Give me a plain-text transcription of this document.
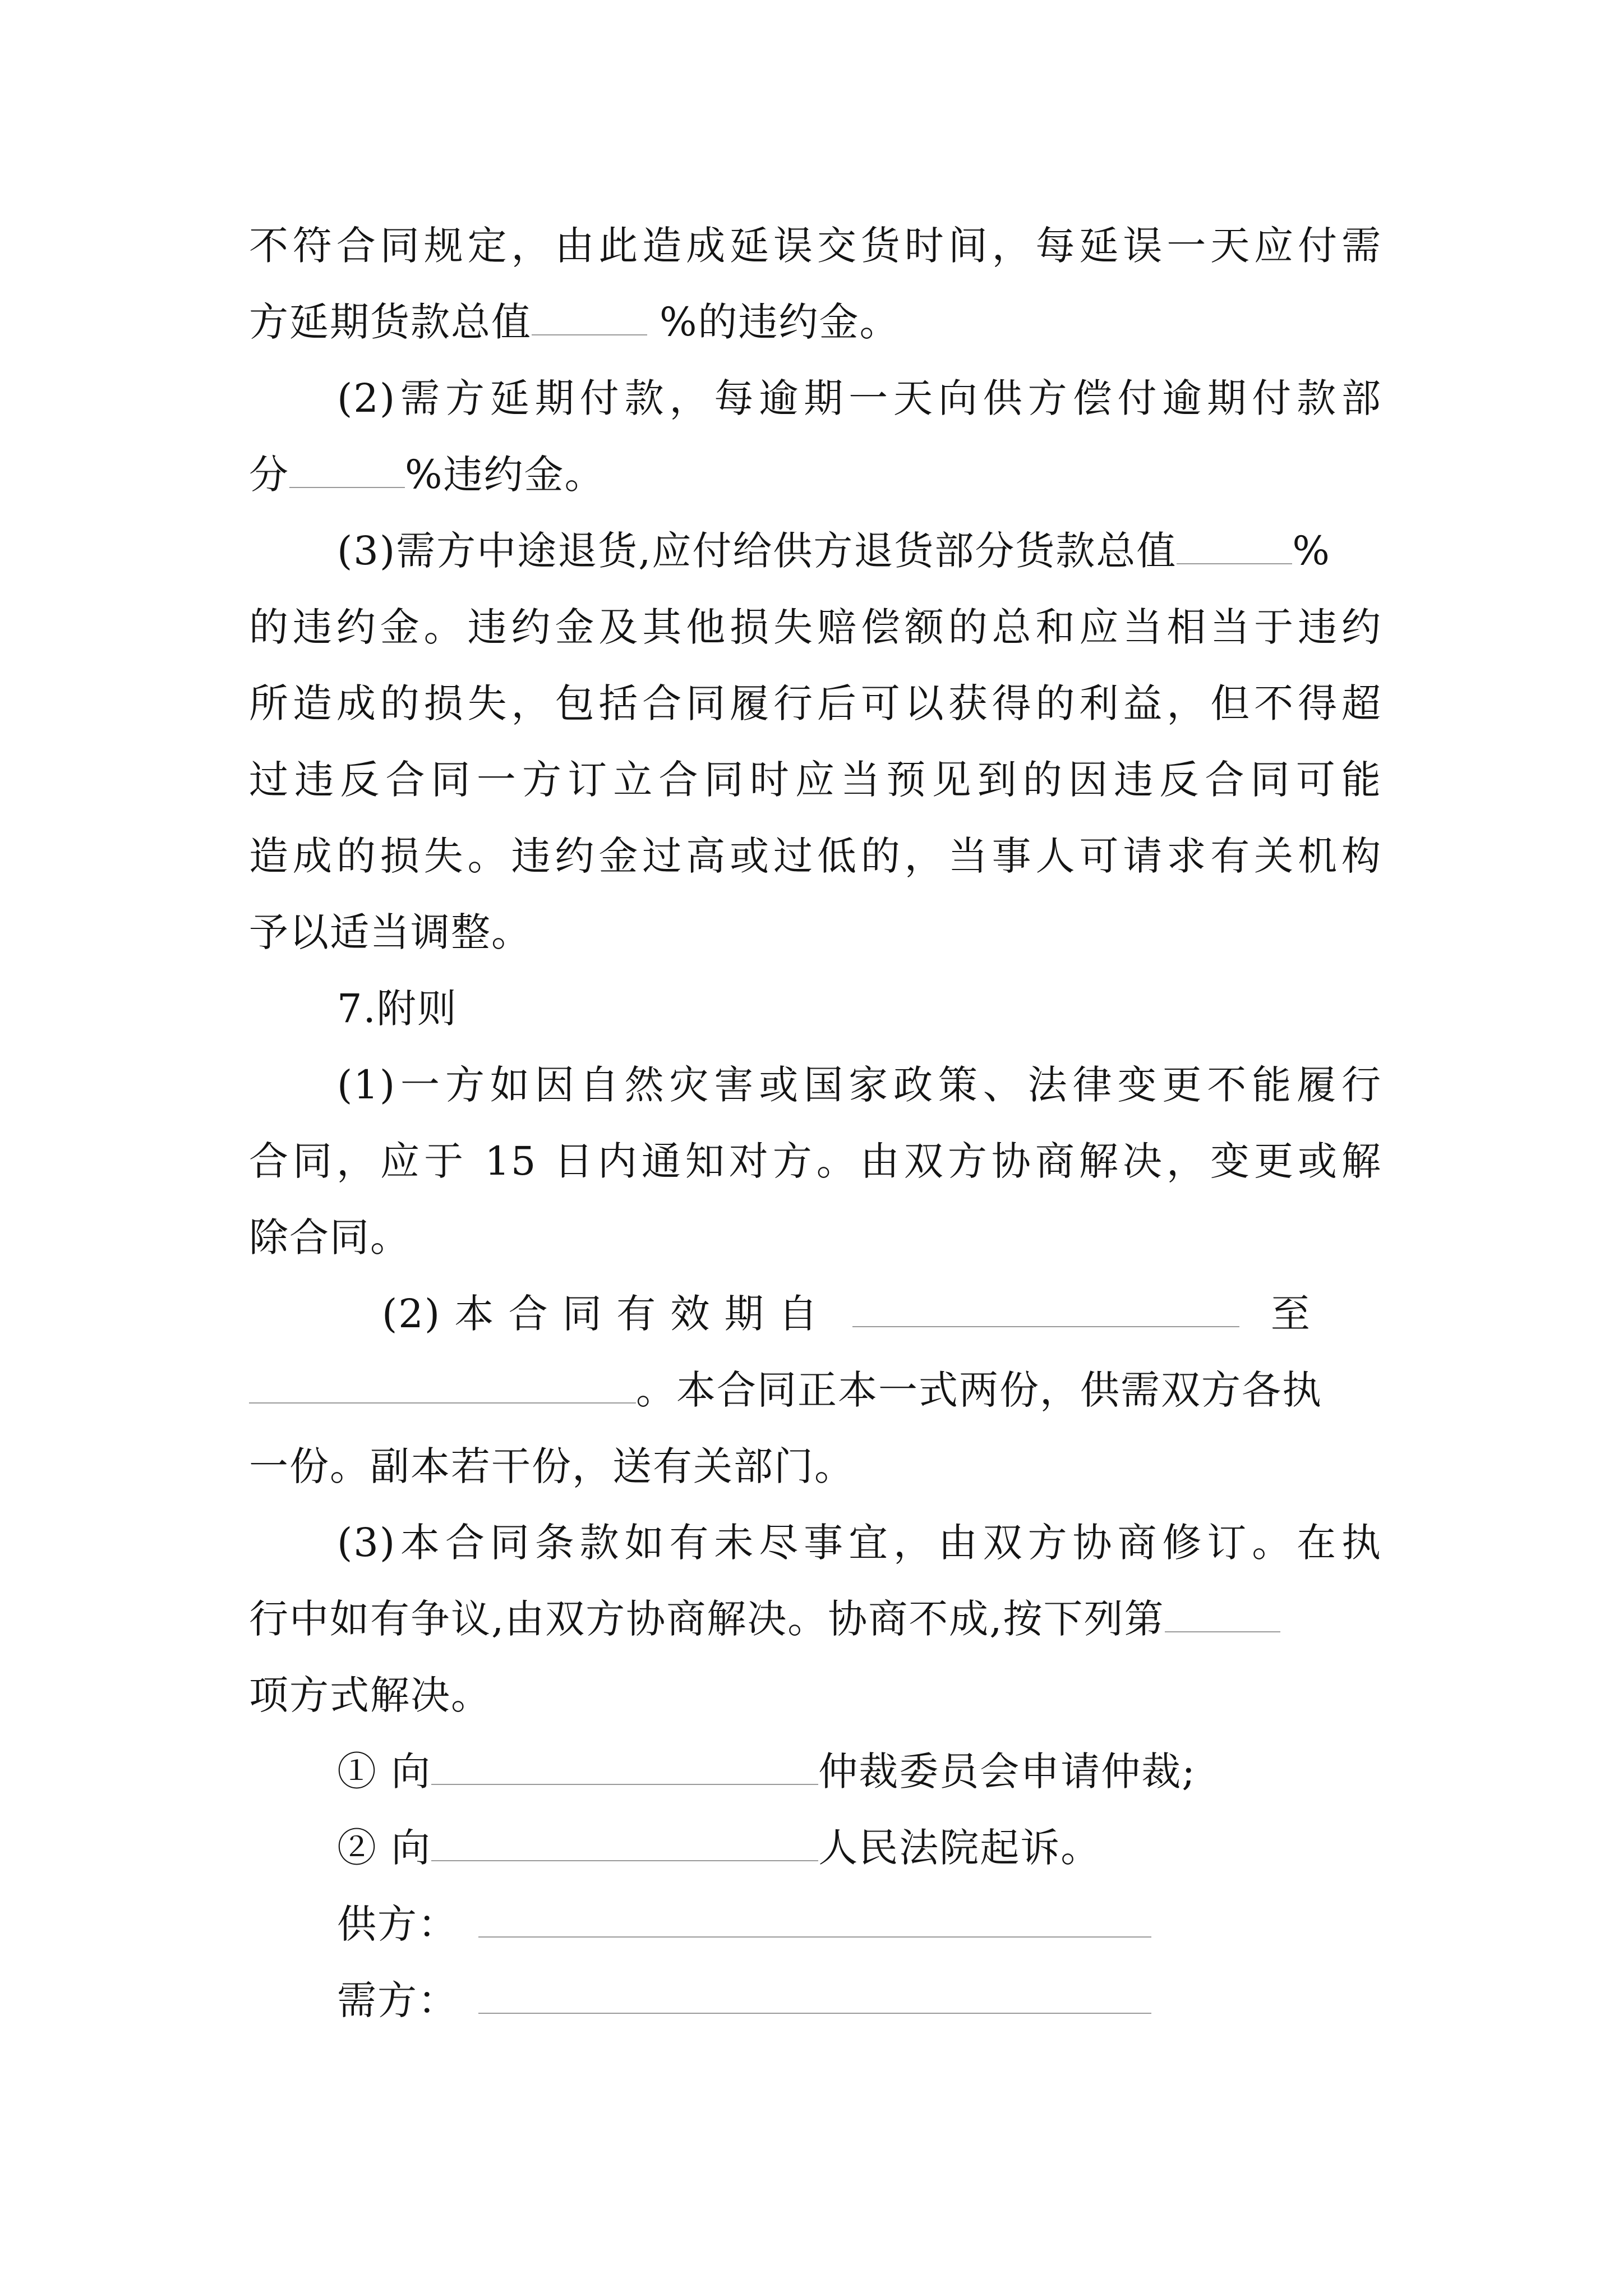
不符合同规定，由此造成延误交货时间，每延误一天应付需
方延期货款总值	%的违约金。
(2)需方延期付款，每逾期一天向供方偿付逾期付款部
分	%违约金。
(3)需方中途退货,应付给供方退货部分货款总值	%
的违约金。违约金及其他损失赔偿额的总和应当相当于违约
所造成的损失，包括合同履行后可以获得的利益，但不得超
过违反合同一方订立合同时应当预见到的因违反合同可能
造成的损失。违约金过高或过低的，当事人可请求有关机构
予以适当调整。
7.附则
(1)一方如因自然灾害或国家政策、法律变更不能履行
合同，应于 15 日内通知对方。由双方协商解决，变更或解
除合同。
(2) 本 合 同 有 效 期 自	至
。本合同正本一式两份，供需双方各执
一份。副本若干份，送有关部门。
(3)本合同条款如有未尽事宜，由双方协商修订。在执
行中如有争议,由双方协商解决。协商不成,按下列第
项方式解决。
① 向	仲裁委员会申请仲裁;
② 向	人民法院起诉。
供方：
需方：
